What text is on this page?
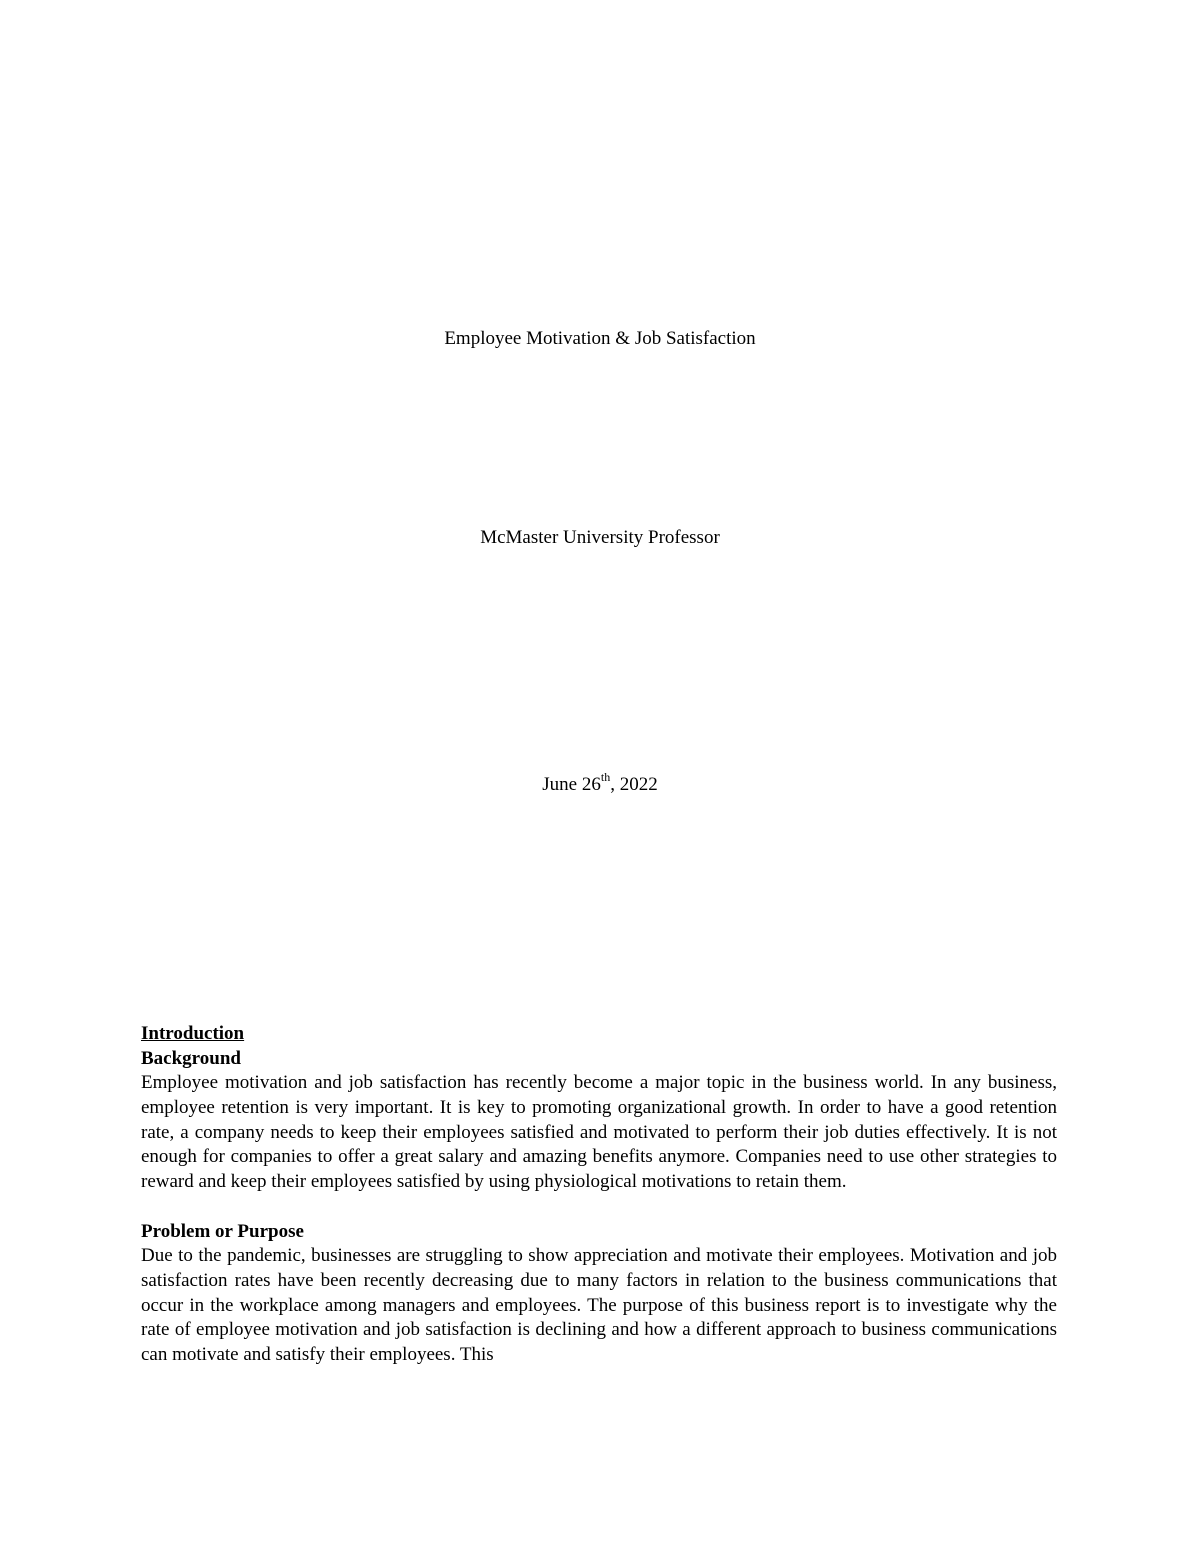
Employee Motivation & Job Satisfaction
McMaster University Professor
June 26th, 2022

Introduction

Background

Employee motivation and job satisfaction has recently become a major topic in the business world. In any business, employee retention is very important. It is key to promoting organizational growth. In order to have a good retention rate, a company needs to keep their employees satisfied and motivated to perform their job duties effectively. It is not enough for companies to offer a great salary and amazing benefits anymore. Companies need to use other strategies to reward and keep their employees satisfied by using physiological motivations to retain them.

Problem or Purpose

Due to the pandemic, businesses are struggling to show appreciation and motivate their employees. Motivation and job satisfaction rates have been recently decreasing due to many factors in relation to the business communications that occur in the workplace among managers and employees. The purpose of this business report is to investigate why the rate of employee motivation and job satisfaction is declining and how a different approach to business communications can motivate and satisfy their employees. This
